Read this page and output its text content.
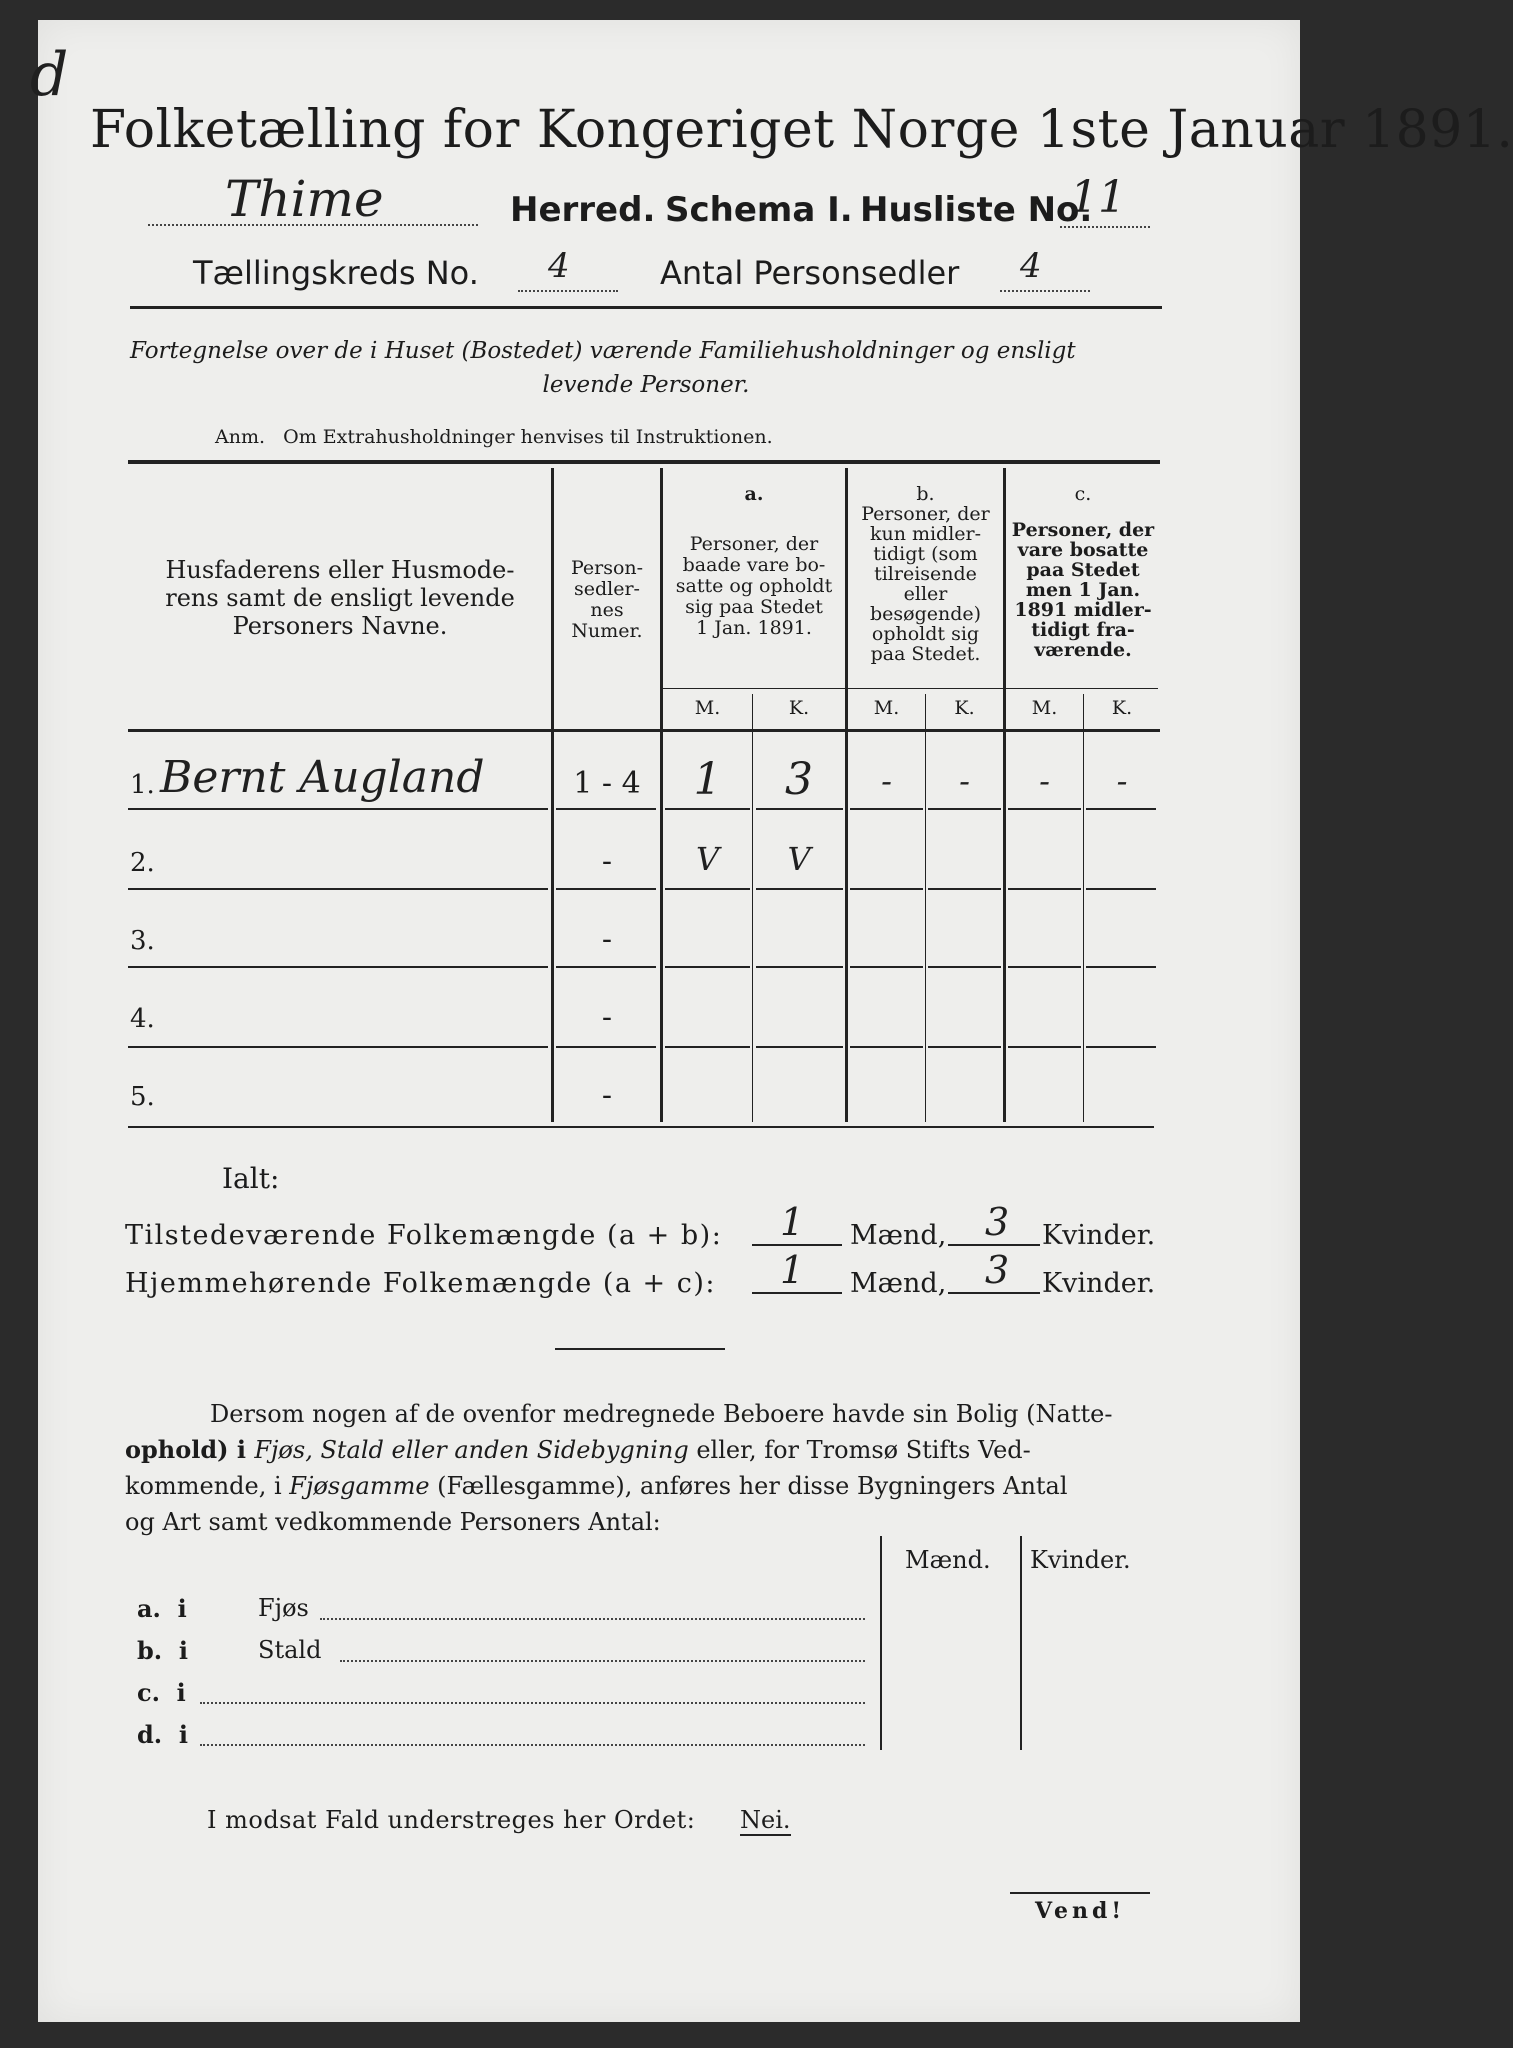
d
Folketælling for Kongeriget Norge 1ste Januar 1891.
Thime	Herred. Schema I. Husliste No.
11
Tællingskreds No. 4	Antal Personsedler 4
Fortegnelse over de i Huset (Bostedet) værende Familiehusholdninger og ensligt
levende Personer.
Anm.   Om Extrahusholdninger henvises til Instruktionen.
Husfaderens eller Husmode-
rens samt de ensligt levende
Personers Navne.
Person-
sedler-
nes
Numer.
a.
Personer, der
baade vare bo-
satte og opholdt
sig paa Stedet
1 Jan. 1891.
b.
Personer, der
kun midler-
tidigt (som
tilreisende
eller
besøgende)
opholdt sig
paa Stedet.
c.
Personer, der
vare bosatte
paa Stedet
men 1 Jan.
1891 midler-
tidigt fra-
værende.
M.	K.	M.	K.	M.	K.
1. Bernt Augland	1 - 4	1	3	-	-	-	-
2.	-	V	V
3.	-
4.	-
5.	-
Ialt:
Tilstedeværende Folkemængde (a + b): 1 Mænd, 3 Kvinder.
Hjemmehørende Folkemængde (a + c): 1 Mænd, 3 Kvinder.
Dersom nogen af de ovenfor medregnede Beboere havde sin Bolig (Natte-
ophold) i Fjøs, Stald eller anden Sidebygning eller, for Tromsø Stifts Ved-
kommende, i Fjøsgamme (Fællesgamme), anføres her disse Bygningers Antal
og Art samt vedkommende Personers Antal:
Mænd. Kvinder.
a.  i	Fjøs
b.  i	Stald
c.  i
d.  i
I modsat Fald understreges her Ordet: Nei.
Vend!
